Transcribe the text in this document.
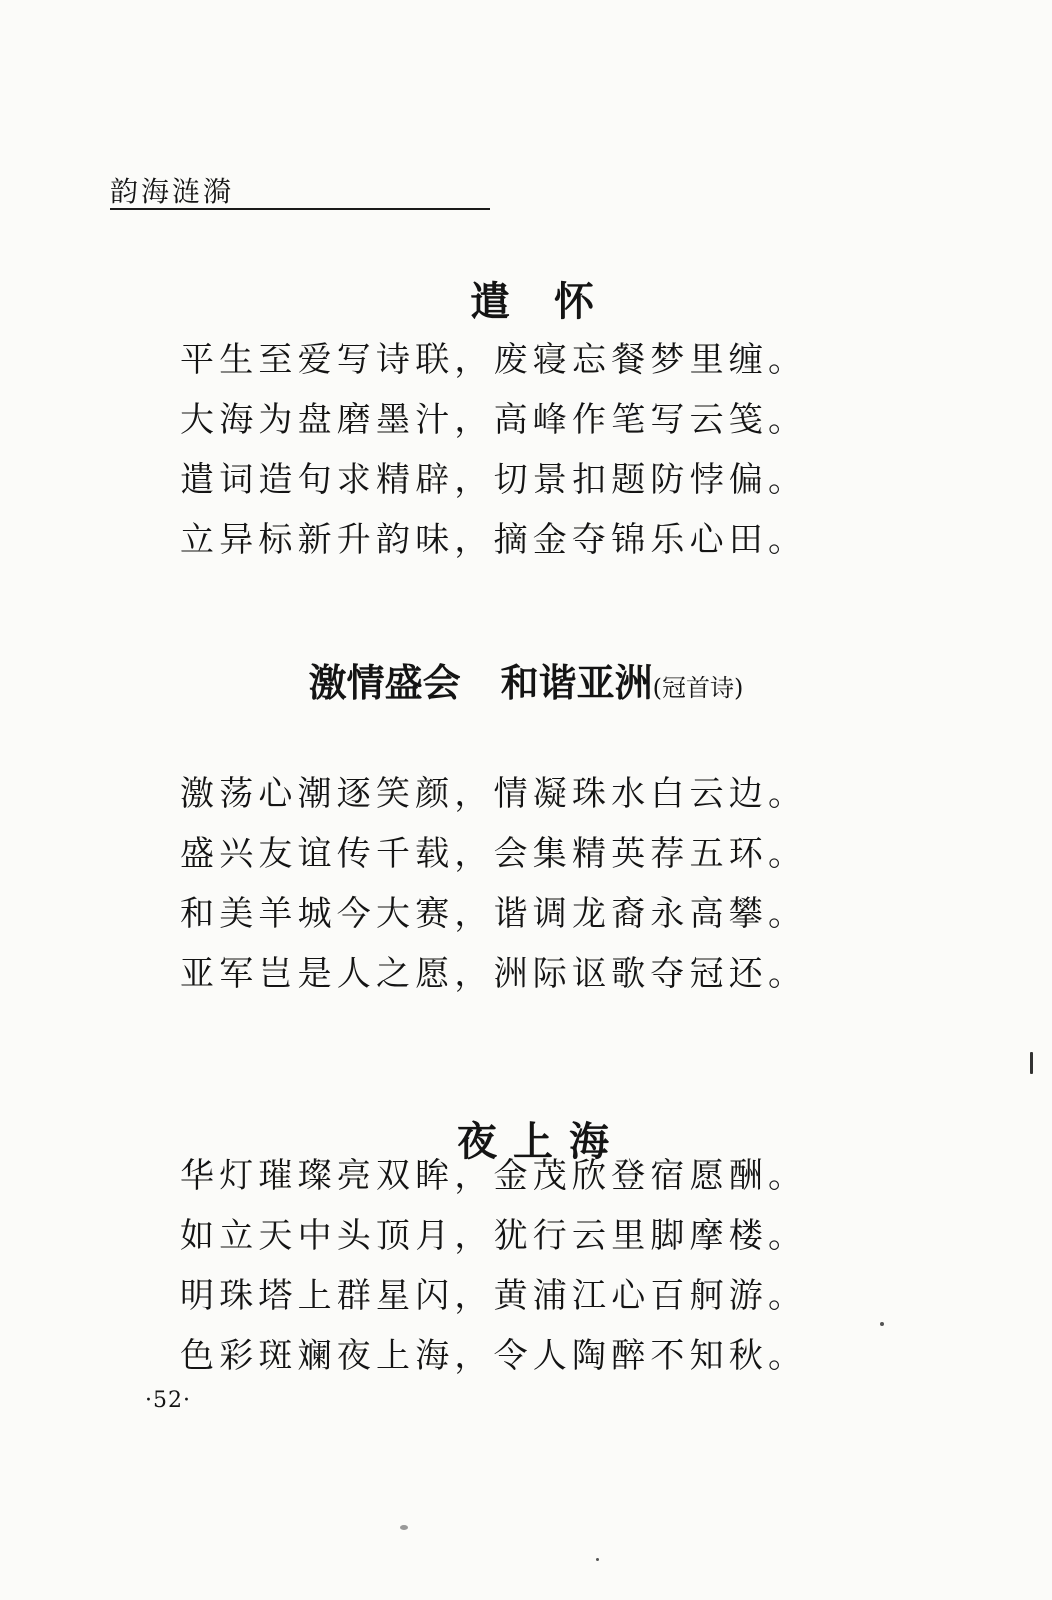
韵海涟漪
遣 怀
平生至爱写诗联，废寝忘餐梦里缠。
大海为盘磨墨汁，高峰作笔写云笺。
遣词造句求精辟，切景扣题防悖偏。
立异标新升韵味，摘金夺锦乐心田。
激情盛会 和谐亚洲(冠首诗)
激荡心潮逐笑颜，情凝珠水白云边。
盛兴友谊传千载，会集精英荐五环。
和美羊城今大赛，谐调龙裔永高攀。
亚军岂是人之愿，洲际讴歌夺冠还。
夜 上 海
华灯璀璨亮双眸，金茂欣登宿愿酬。
如立天中头顶月，犹行云里脚摩楼。
明珠塔上群星闪，黄浦江心百舸游。
色彩斑斓夜上海，令人陶醉不知秋。
·52·
